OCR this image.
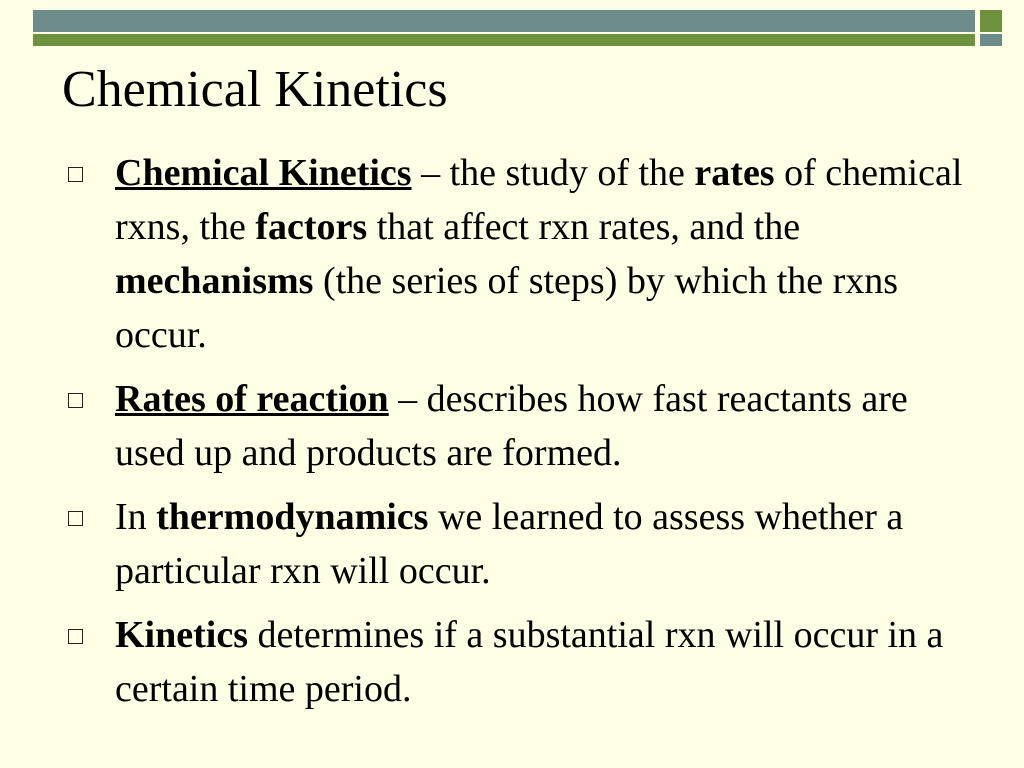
Chemical Kinetics
Chemical Kinetics – the study of the rates of chemical rxns, the factors that affect rxn rates, and the mechanisms (the series of steps) by which the rxns occur.
Rates of reaction – describes how fast reactants are used up and products are formed.
In thermodynamics we learned to assess whether a particular rxn will occur.
Kinetics determines if a substantial rxn will occur in a certain time period.
